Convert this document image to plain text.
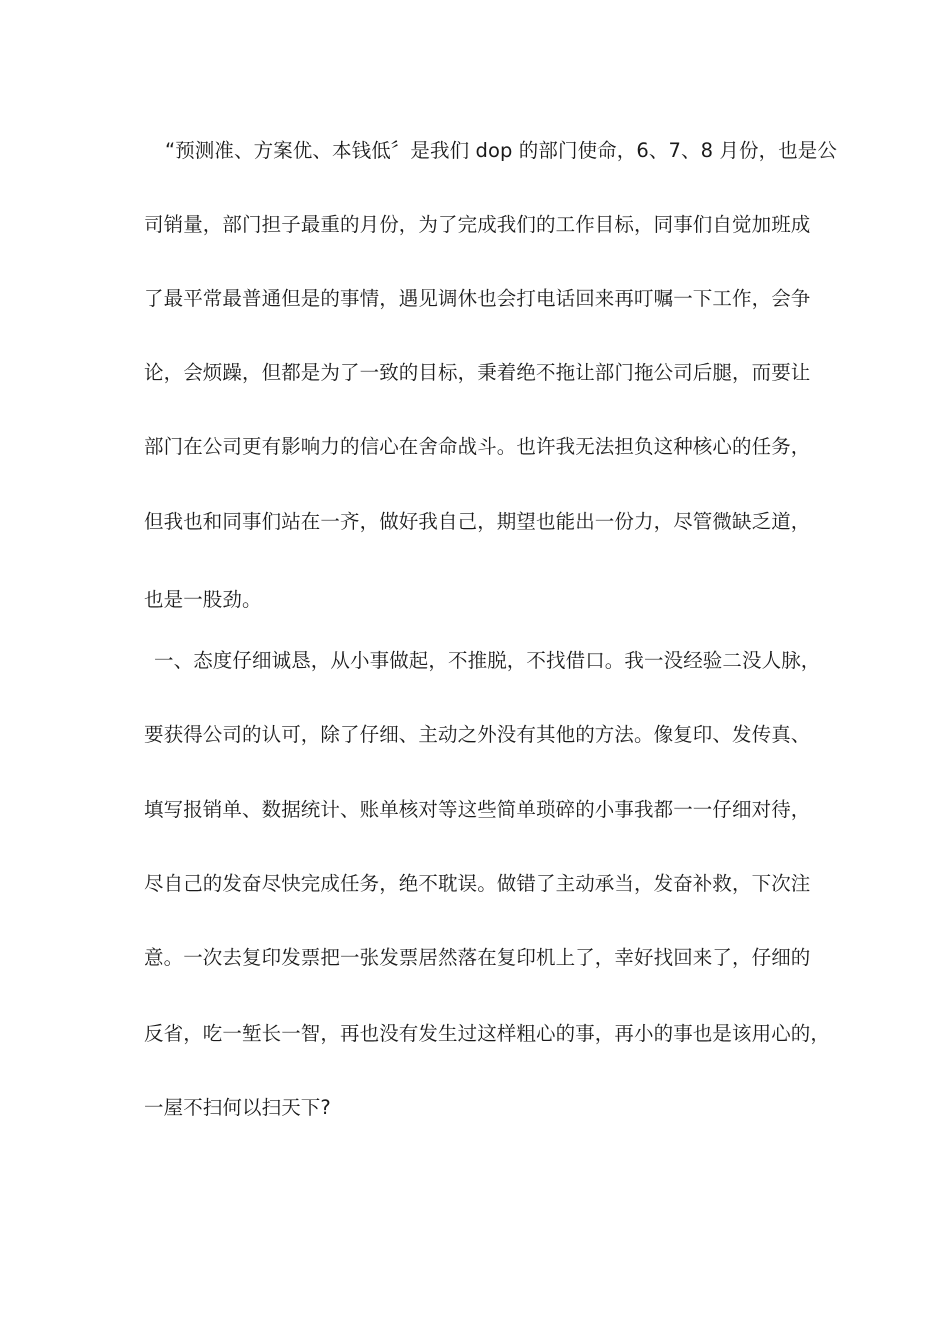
“预测准、方案优、本钱低〞是我们 dop 的部门使命，6、7、8 月份，也是公
司销量，部门担子最重的月份，为了完成我们的工作目标，同事们自觉加班成
了最平常最普通但是的事情，遇见调休也会打电话回来再叮嘱一下工作，会争
论，会烦躁，但都是为了一致的目标，秉着绝不拖让部门拖公司后腿，而要让
部门在公司更有影响力的信心在舍命战斗。也许我无法担负这种核心的任务，
但我也和同事们站在一齐，做好我自己，期望也能出一份力，尽管微缺乏道，
也是一股劲。
一、态度仔细诚恳，从小事做起，不推脱，不找借口。我一没经验二没人脉，
要获得公司的认可，除了仔细、主动之外没有其他的方法。像复印、发传真、
填写报销单、数据统计、账单核对等这些简单琐碎的小事我都一一仔细对待，
尽自己的发奋尽快完成任务，绝不耽误。做错了主动承当，发奋补救，下次注
意。一次去复印发票把一张发票居然落在复印机上了，幸好找回来了，仔细的
反省，吃一堑长一智，再也没有发生过这样粗心的事，再小的事也是该用心的，
一屋不扫何以扫天下?
